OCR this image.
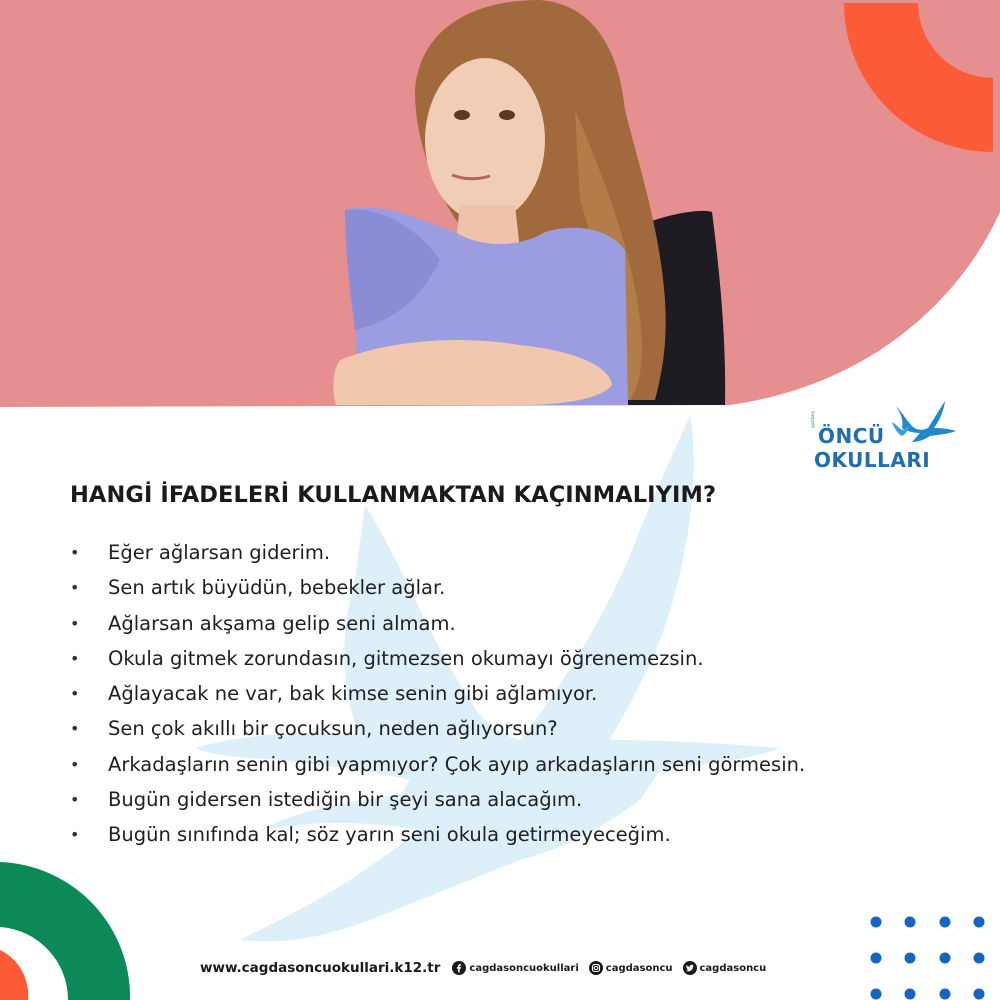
ÇAĞDAŞ
ÖNCÜ
OKULLARI
HANGİ İFADELERİ KULLANMAKTAN KAÇINMALIYIM?
• Eğer ağlarsan giderim.
• Sen artık büyüdün, bebekler ağlar.
• Ağlarsan akşama gelip seni almam.
• Okula gitmek zorundasın, gitmezsen okumayı öğrenemezsin.
• Ağlayacak ne var, bak kimse senin gibi ağlamıyor.
• Sen çok akıllı bir çocuksun, neden ağlıyorsun?
• Arkadaşların senin gibi yapmıyor? Çok ayıp arkadaşların seni görmesin.
• Bugün gidersen istediğin bir şeyi sana alacağım.
• Bugün sınıfında kal; söz yarın seni okula getirmeyeceğim.
www.cagdasoncuokullari.k12.tr	cagdasoncuokullari	cagdasoncu	cagdasoncu
